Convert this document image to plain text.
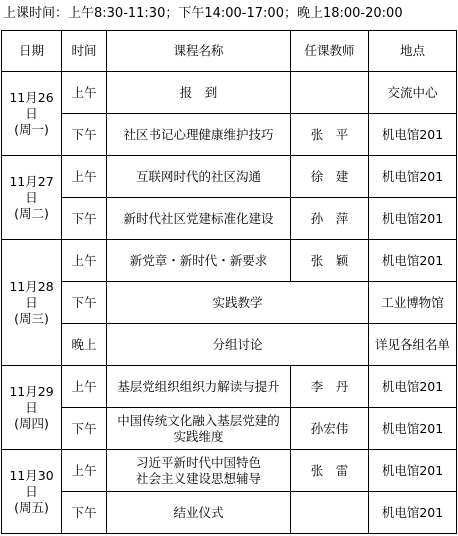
上课时间：上午8:30-11:30；下午14:00-17:00；晚上18:00-20:00
日期	时间	课程名称	任课教师	地点

11月26日
(周一)	上午	报　到		交流中心
	下午	社区书记心理健康维护技巧	张　平	机电馆201

11月27日
(周二)	上午	互联网时代的社区沟通	徐　建	机电馆201
	下午	新时代社区党建标准化建设	孙　萍	机电馆201

11月28日
(周三)	上午	新党章・新时代・新要求	张　颖	机电馆201
	下午	实践教学		工业博物馆
	晚上	分组讨论		详见各组名单

11月29日
(周四)	上午	基层党组织组织力解读与提升	李　丹	机电馆201
	下午	中国传统文化融入基层党建的
实践维度	孙宏伟	机电馆201

11月30日
(周五)	上午	习近平新时代中国特色
社会主义建设思想辅导	张　雷	机电馆201
	下午	结业仪式		机电馆201
